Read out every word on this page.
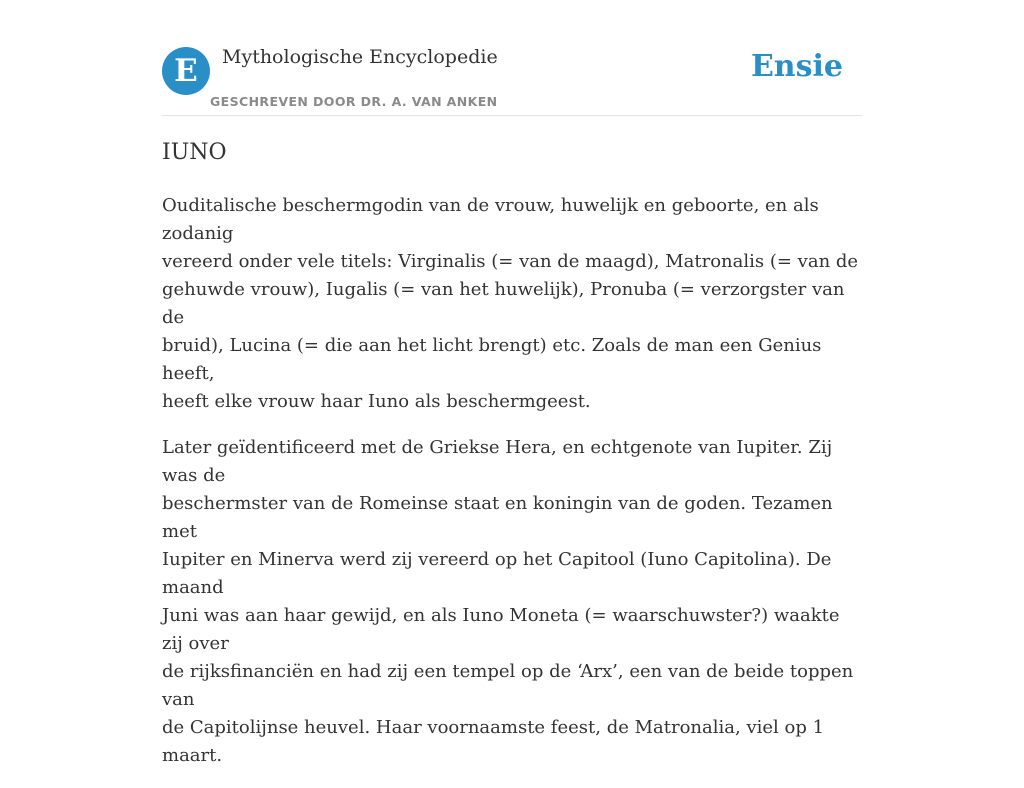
E	Mythologische Encyclopedie
GESCHREVEN DOOR DR. A. VAN ANKEN
Ensie
IUNO

Ouditalische beschermgodin van de vrouw, huwelijk en geboorte, en als zodanig
vereerd onder vele titels: Virginalis (= van de maagd), Matronalis (= van de
gehuwde vrouw), Iugalis (= van het huwelijk), Pronuba (= verzorgster van de
bruid), Lucina (= die aan het licht brengt) etc. Zoals de man een Genius heeft,
heeft elke vrouw haar Iuno als beschermgeest.

Later geïdentificeerd met de Griekse Hera, en echtgenote van Iupiter. Zij was de
beschermster van de Romeinse staat en koningin van de goden. Tezamen met
Iupiter en Minerva werd zij vereerd op het Capitool (Iuno Capitolina). De maand
Juni was aan haar gewijd, en als Iuno Moneta (= waarschuwster?) waakte zij over
de rijksfinanciën en had zij een tempel op de ‘Arx’, een van de beide toppen van
de Capitolijnse heuvel. Haar voornaamste feest, de Matronalia, viel op 1 maart.
